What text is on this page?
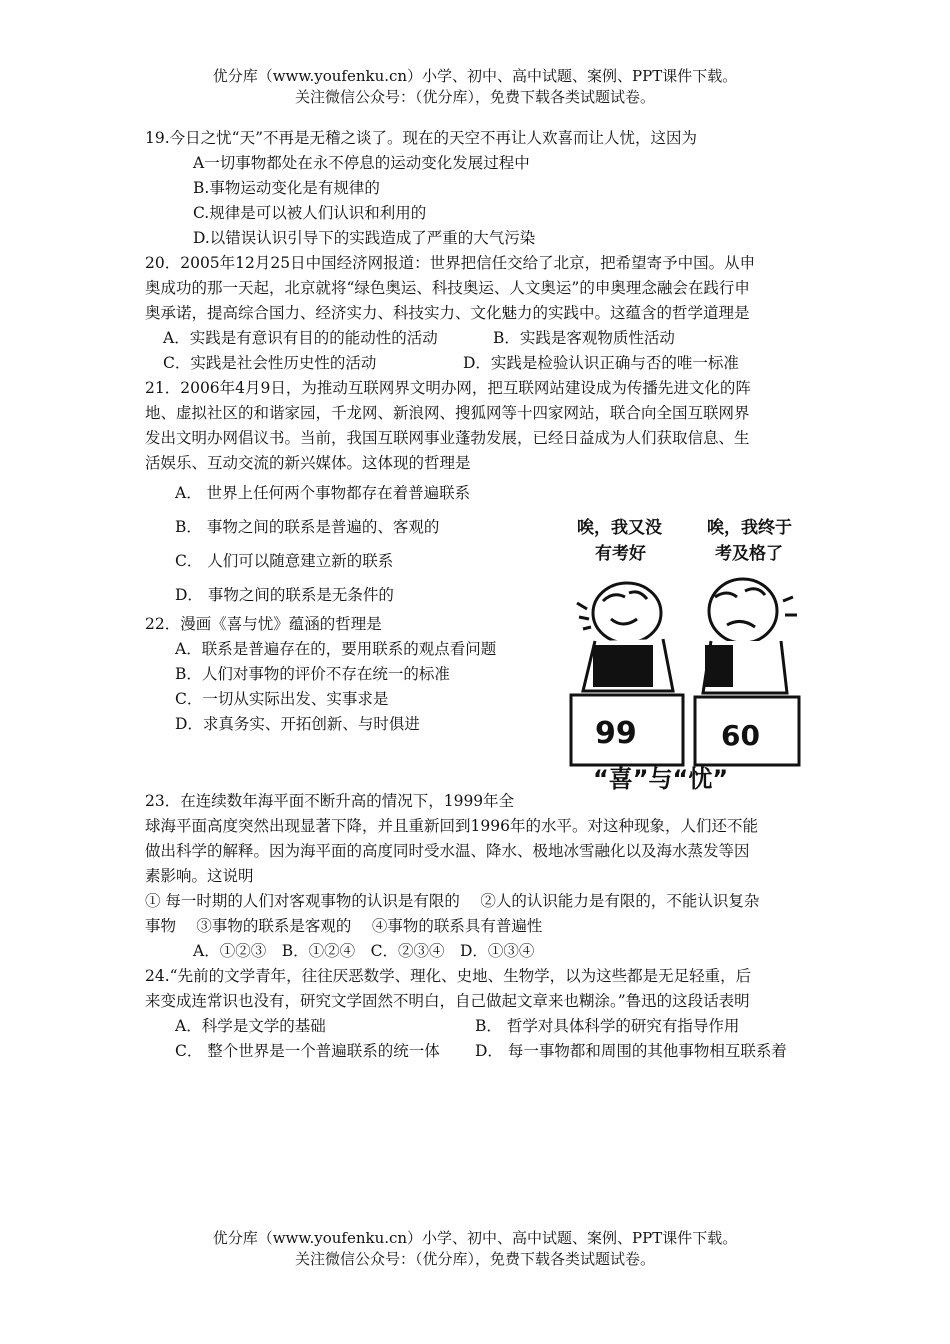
优分库（www.youfenku.cn）小学、初中、高中试题、案例、PPT课件下载。
关注微信公众号：（优分库），免费下载各类试题试卷。
19.今日之忧“天”不再是无稽之谈了。现在的天空不再让人欢喜而让人忧，这因为
A一切事物都处在永不停息的运动变化发展过程中
B.事物运动变化是有规律的
C.规律是可以被人们认识和利用的
D.以错误认识引导下的实践造成了严重的大气污染
20．2005年12月25日中国经济网报道：世界把信任交给了北京，把希望寄予中国。从申
奥成功的那一天起，北京就将“绿色奥运、科技奥运、人文奥运”的申奥理念融会在践行申
奥承诺，提高综合国力、经济实力、科技实力、文化魅力的实践中。这蕴含的哲学道理是
A．实践是有意识有目的的能动性的活动	B．实践是客观物质性活动
C．实践是社会性历史性的活动	D．实践是检验认识正确与否的唯一标准
21．2006年4月9日，为推动互联网界文明办网，把互联网站建设成为传播先进文化的阵
地、虚拟社区的和谐家园，千龙网、新浪网、搜狐网等十四家网站，联合向全国互联网界
发出文明办网倡议书。当前，我国互联网事业蓬勃发展，已经日益成为人们获取信息、生
活娱乐、互动交流的新兴媒体。这体现的哲理是
A． 世界上任何两个事物都存在着普遍联系
B． 事物之间的联系是普遍的、客观的
C． 人们可以随意建立新的联系
D． 事物之间的联系是无条件的
22．漫画《喜与忧》蕴涵的哲理是
A．联系是普遍存在的，要用联系的观点看问题
B．人们对事物的评价不存在统一的标准
C．一切从实际出发、实事求是
D．求真务实、开拓创新、与时俱进
23．在连续数年海平面不断升高的情况下，1999年全
球海平面高度突然出现显著下降，并且重新回到1996年的水平。对这种现象，人们还不能
做出科学的解释。因为海平面的高度同时受水温、降水、极地冰雪融化以及海水蒸发等因
素影响。这说明
① 每一时期的人们对客观事物的认识是有限的　 ②人的认识能力是有限的，不能认识复杂
事物　 ③事物的联系是客观的　 ④事物的联系具有普遍性
A．①②③　B．①②④　C．②③④　D．①③④
24.“先前的文学青年，往往厌恶数学、理化、史地、生物学，以为这些都是无足轻重，后
来变成连常识也没有，研究文学固然不明白，自己做起文章来也糊涂。”鲁迅的这段话表明
A．科学是文学的基础	B． 哲学对具体科学的研究有指导作用
C． 整个世界是一个普遍联系的统一体 D． 每一事物都和周围的其他事物相互联系着
唉，我又没
有考好
唉，我终于
考及格了
99	60
“喜”与“忧”
优分库（www.youfenku.cn）小学、初中、高中试题、案例、PPT课件下载。
关注微信公众号：（优分库），免费下载各类试题试卷。
